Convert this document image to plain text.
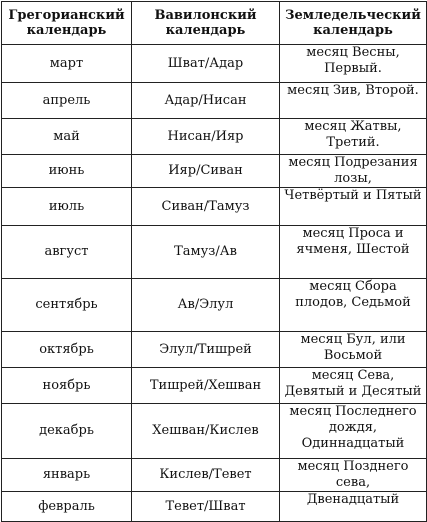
Грегорианский календарь	Вавилонский календарь	Земледельческий календарь
март	Шват/Адар	месяц Весны, Первый.
апрель	Адар/Нисан	месяц Зив, Второй.
май	Нисан/Ияр	месяц Жатвы, Третий.
июнь	Ияр/Сиван	месяц Подрезания лозы,
июль	Сиван/Тамуз	Четвёртый и Пятый
август	Тамуз/Ав	месяц Проса и ячменя, Шестой
сентябрь	Ав/Элул	месяц Сбора плодов, Седьмой
октябрь	Элул/Тишрей	месяц Бул, или Восьмой
ноябрь	Тишрей/Хешван	месяц Сева, Девятый и Десятый
декабрь	Хешван/Кислев	месяц Последнего дождя, Одиннадцатый
январь	Кислев/Тевет	месяц Позднего сева,
февраль	Тевет/Шват	Двенадцатый
